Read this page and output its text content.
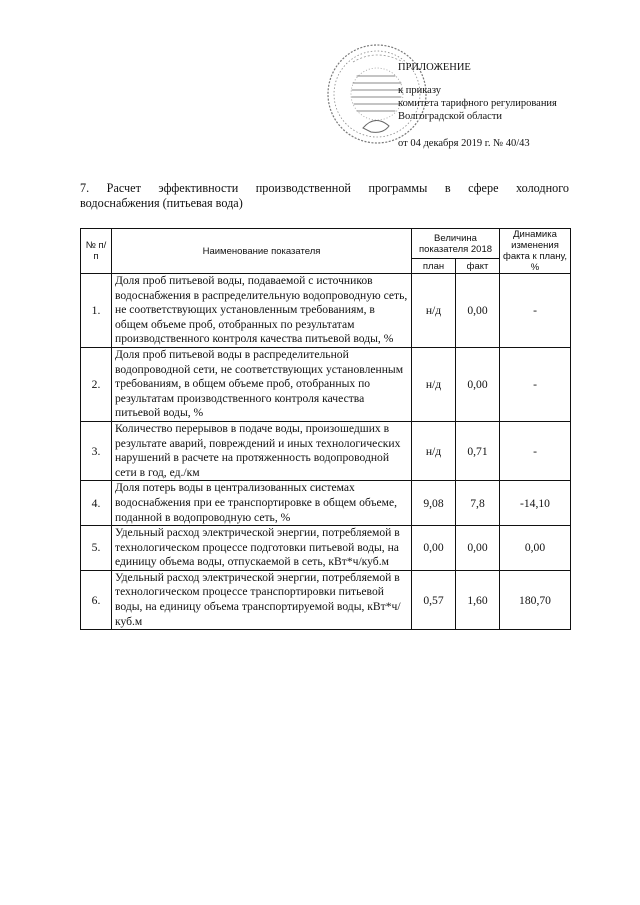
ПРИЛОЖЕНИЕ
к приказу
комитета тарифного регулирования
Волгоградской области
от 04 декабря 2019 г. № 40/43
7. Расчет эффективности производственной программы в сфере холодного
водоснабжения (питьевая вода)
№ п/п	Наименование показателя	Величина показателя 2018		Динамика изменения факта к плану, %
		план	факт	
1.	Доля проб питьевой воды, подаваемой с источников водоснабжения в распределительную водопроводную сеть, не соответствующих установленным требованиям, в общем объеме проб, отобранных по результатам производственного контроля качества питьевой воды, %	н/д	0,00	-
2.	Доля проб питьевой воды в распределительной водопроводной сети, не соответствующих установленным требованиям, в общем объеме проб, отобранных по результатам производственного контроля качества питьевой воды, %	н/д	0,00	-
3.	Количество перерывов в подаче воды, произошедших в результате аварий, повреждений и иных технологических нарушений в расчете на протяженность водопроводной сети в год, ед./км	н/д	0,71	-
4.	Доля потерь воды в централизованных системах водоснабжения при ее транспортировке в общем объеме, поданной в водопроводную сеть, %	9,08	7,8	-14,10
5.	Удельный расход электрической энергии, потребляемой в технологическом процессе подготовки питьевой воды, на единицу объема воды, отпускаемой в сеть, кВт*ч/куб.м	0,00	0,00	0,00
6.	Удельный расход электрической энергии, потребляемой в технологическом процессе транспортировки питьевой воды, на единицу объема транспортируемой воды, кВт*ч/куб.м	0,57	1,60	180,70
